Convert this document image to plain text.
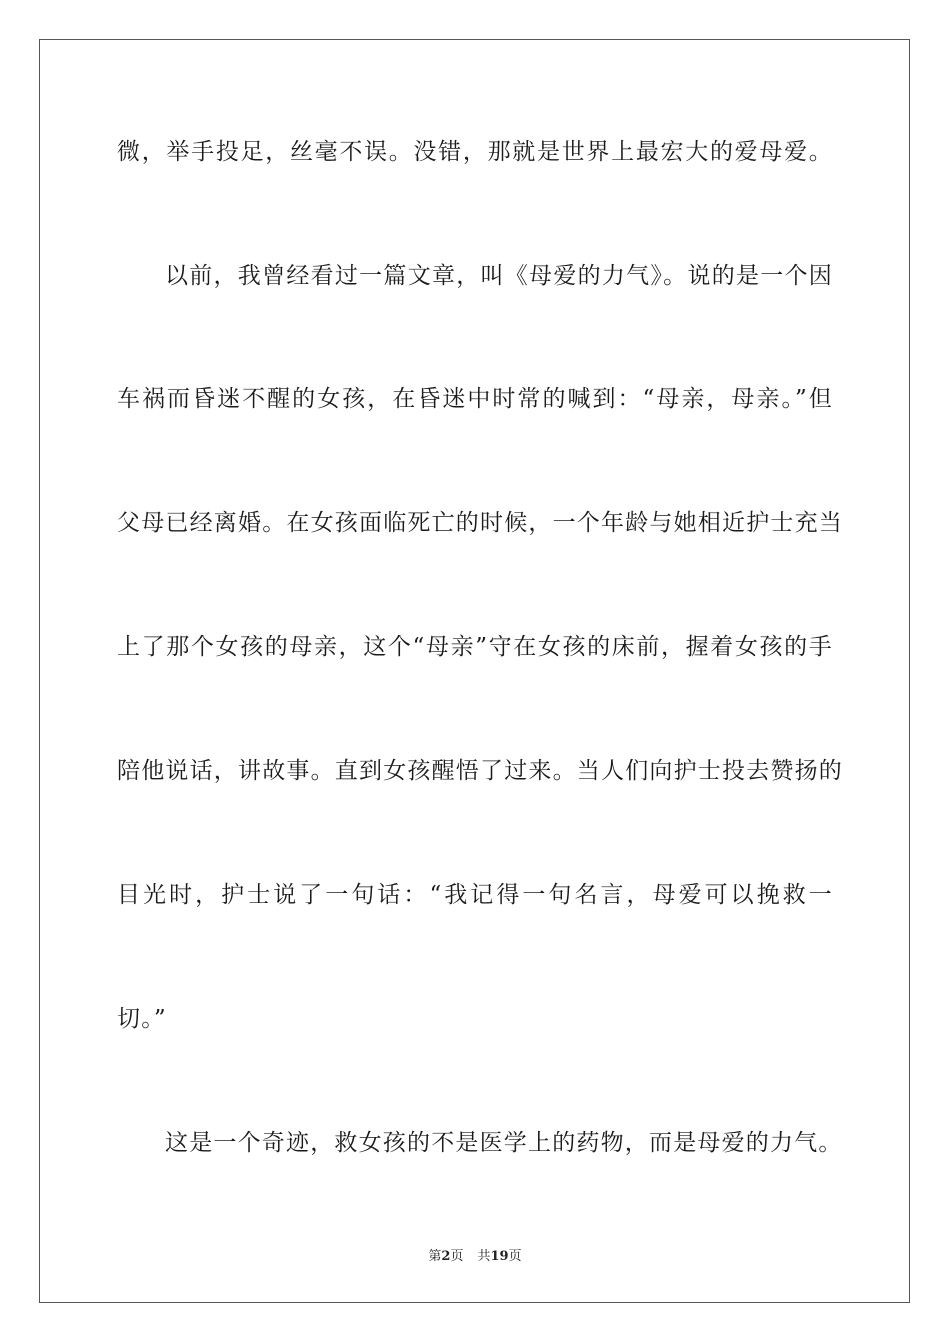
微，举手投足，丝毫不误。没错，那就是世界上最宏大的爱母爱。
以前，我曾经看过一篇文章，叫《母爱的力气》。说的是一个因
车祸而昏迷不醒的女孩，在昏迷中时常的喊到：“母亲，母亲。”但
父母已经离婚。在女孩面临死亡的时候，一个年龄与她相近护士充当
上了那个女孩的母亲，这个“母亲”守在女孩的床前，握着女孩的手
陪他说话，讲故事。直到女孩醒悟了过来。当人们向护士投去赞扬的
目光时，护士说了一句话：“我记得一句名言，母爱可以挽救一
切。”
这是一个奇迹，救女孩的不是医学上的药物，而是母爱的力气。
第2页 共19页
